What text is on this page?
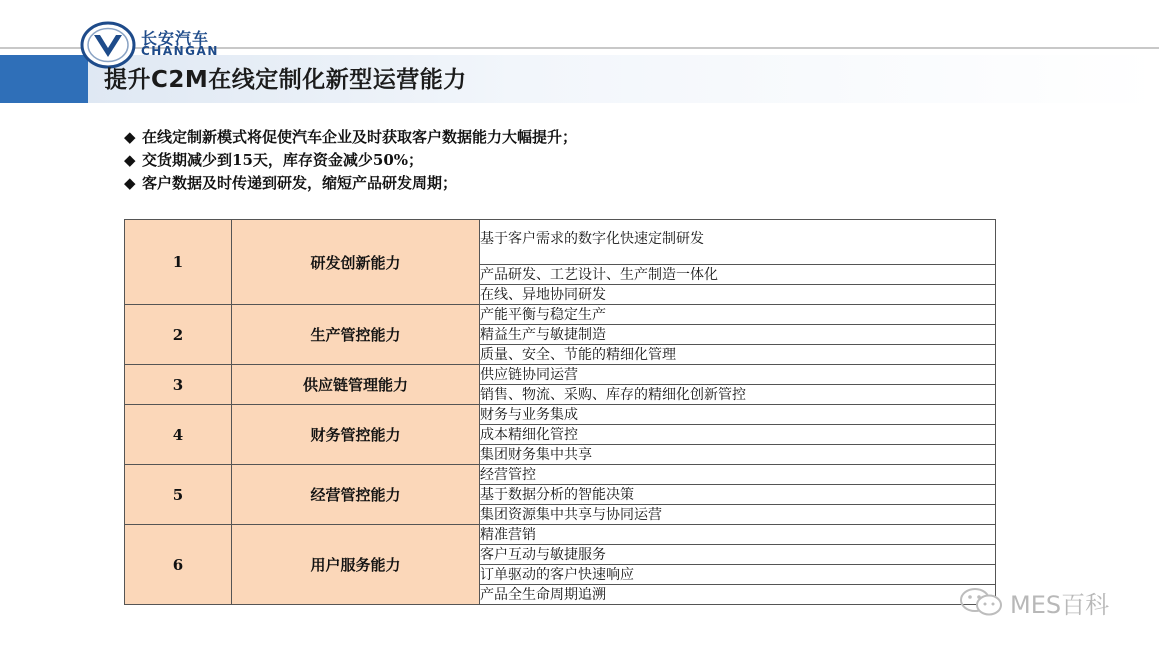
长安汽车
CHANGAN
提升C2M在线定制化新型运营能力
◆ 在线定制新模式将促使汽车企业及时获取客户数据能力大幅提升；
◆ 交货期减少到15天，库存资金减少50%；
◆ 客户数据及时传递到研发，缩短产品研发周期；
1	研发创新能力	基于客户需求的数字化快速定制研发
		产品研发、工艺设计、生产制造一体化
		在线、异地协同研发
2	生产管控能力	产能平衡与稳定生产
		精益生产与敏捷制造
		质量、安全、节能的精细化管理
3	供应链管理能力	供应链协同运营
		销售、物流、采购、库存的精细化创新管控
4	财务管控能力	财务与业务集成
		成本精细化管控
		集团财务集中共享
5	经营管控能力	经营管控
		基于数据分析的智能决策
		集团资源集中共享与协同运营
6	用户服务能力	精准营销
		客户互动与敏捷服务
		订单驱动的客户快速响应
		产品全生命周期追溯	MES百科
